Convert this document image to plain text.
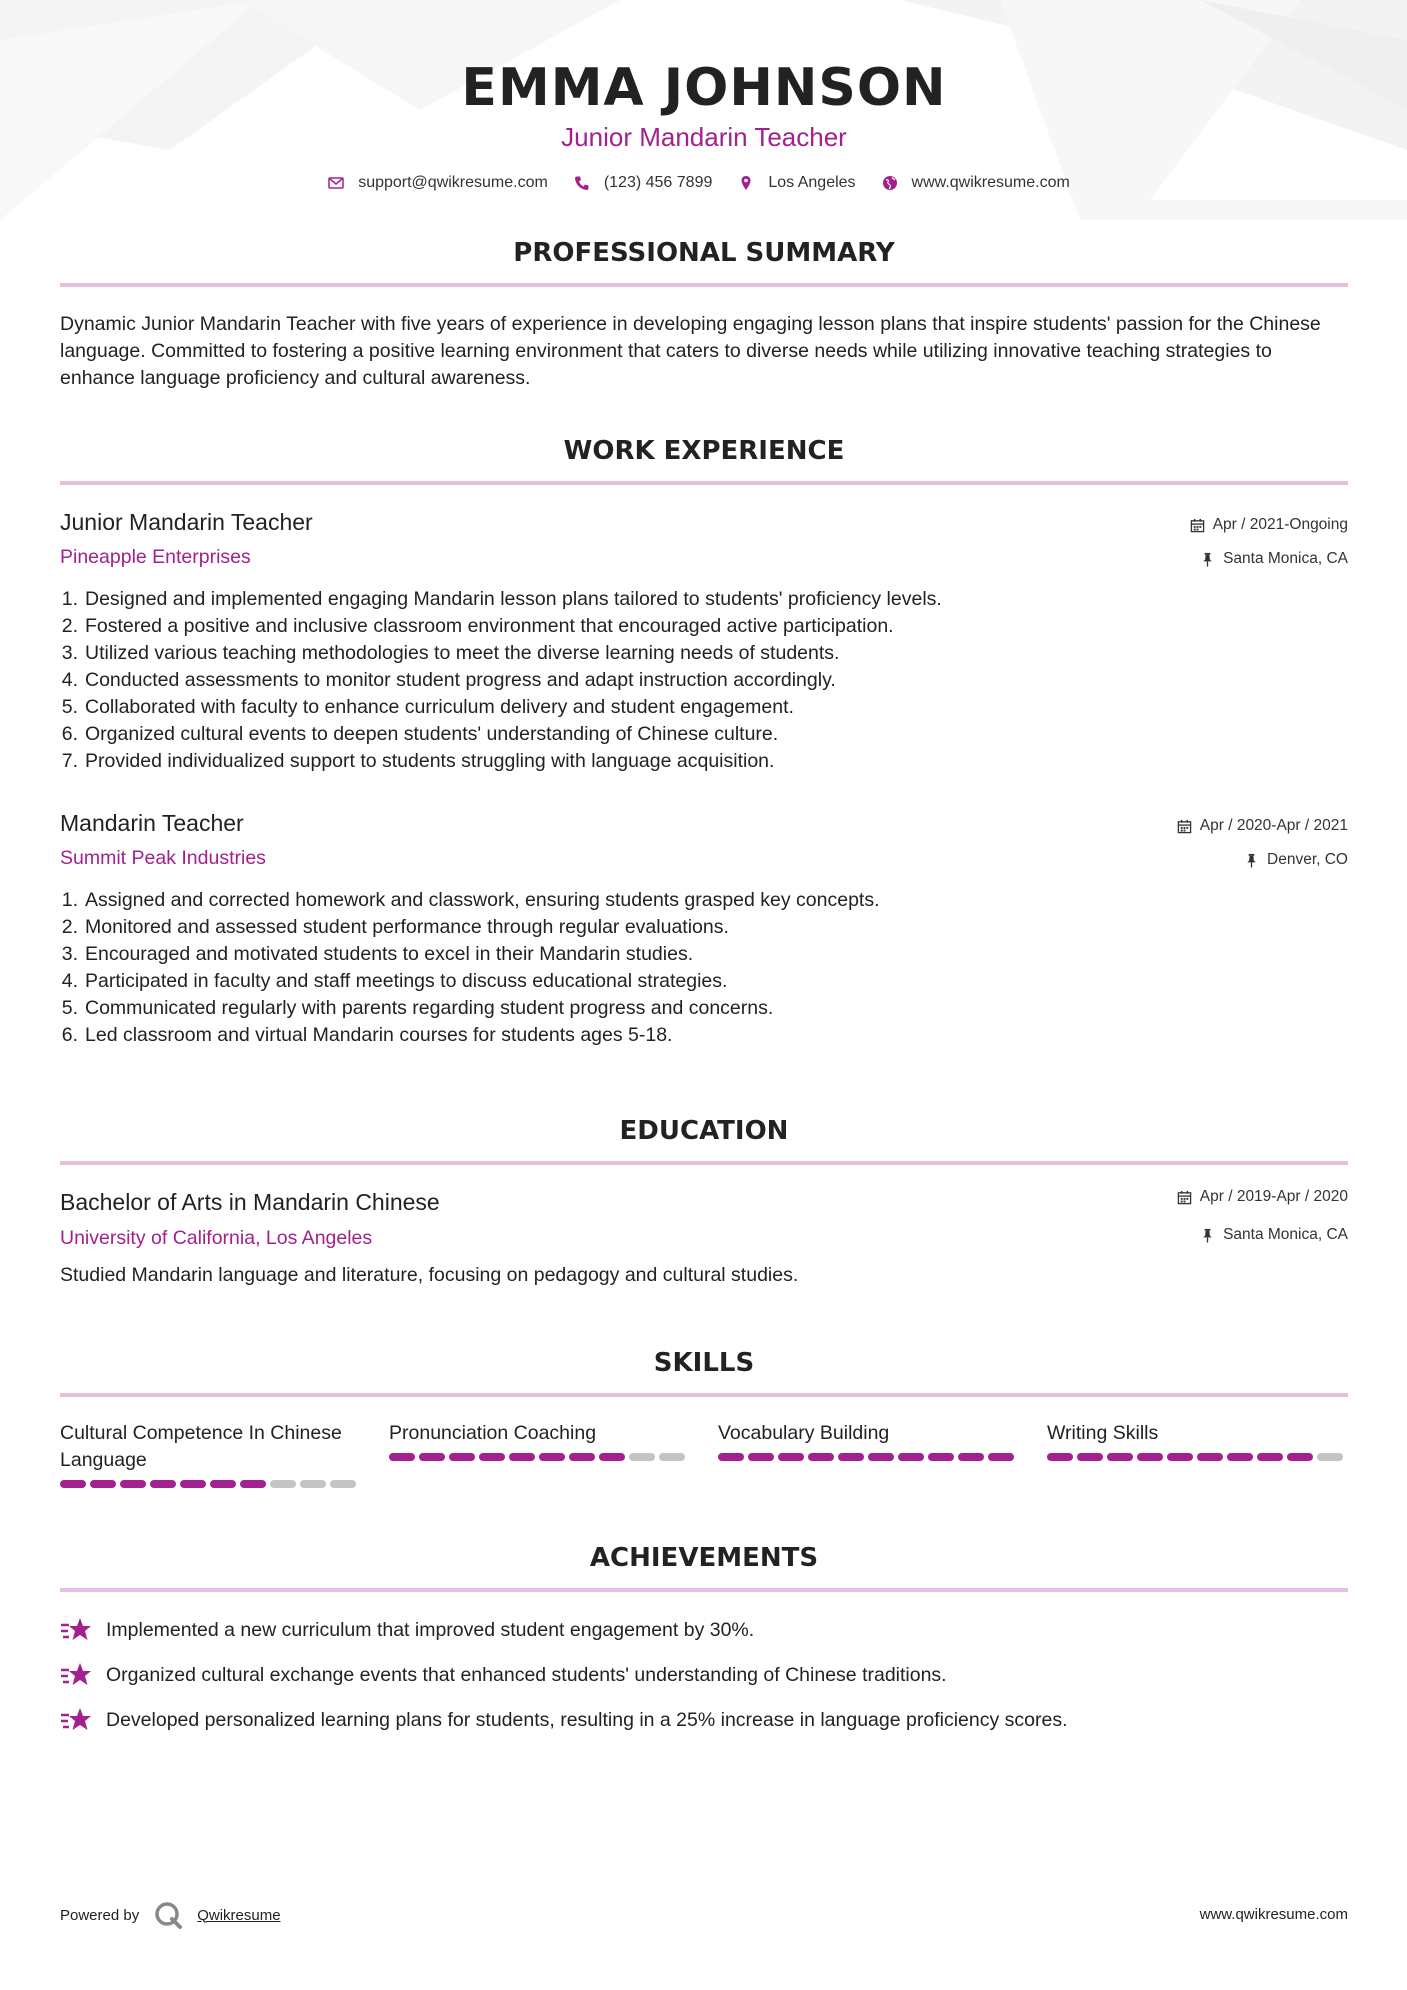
EMMA JOHNSON
Junior Mandarin Teacher
support@qwikresume.com	(123) 456 7899	Los Angeles	www.qwikresume.com
PROFESSIONAL SUMMARY
Dynamic Junior Mandarin Teacher with five years of experience in developing engaging lesson plans that inspire students' passion for the Chinese language. Committed to fostering a positive learning environment that caters to diverse needs while utilizing innovative teaching strategies to enhance language proficiency and cultural awareness.
WORK EXPERIENCE
Junior Mandarin Teacher
Pineapple Enterprises
Apr / 2021-Ongoing
Santa Monica, CA
1. Designed and implemented engaging Mandarin lesson plans tailored to students' proficiency levels.
2. Fostered a positive and inclusive classroom environment that encouraged active participation.
3. Utilized various teaching methodologies to meet the diverse learning needs of students.
4. Conducted assessments to monitor student progress and adapt instruction accordingly.
5. Collaborated with faculty to enhance curriculum delivery and student engagement.
6. Organized cultural events to deepen students' understanding of Chinese culture.
7. Provided individualized support to students struggling with language acquisition.
Mandarin Teacher
Summit Peak Industries
Apr / 2020-Apr / 2021
Denver, CO
1. Assigned and corrected homework and classwork, ensuring students grasped key concepts.
2. Monitored and assessed student performance through regular evaluations.
3. Encouraged and motivated students to excel in their Mandarin studies.
4. Participated in faculty and staff meetings to discuss educational strategies.
5. Communicated regularly with parents regarding student progress and concerns.
6. Led classroom and virtual Mandarin courses for students ages 5-18.
EDUCATION
Bachelor of Arts in Mandarin Chinese
University of California, Los Angeles
Apr / 2019-Apr / 2020
Santa Monica, CA
Studied Mandarin language and literature, focusing on pedagogy and cultural studies.
SKILLS
Cultural Competence In Chinese Language
Pronunciation Coaching	Vocabulary Building	Writing Skills
ACHIEVEMENTS
Implemented a new curriculum that improved student engagement by 30%.
Organized cultural exchange events that enhanced students' understanding of Chinese traditions.
Developed personalized learning plans for students, resulting in a 25% increase in language proficiency scores.
Powered by	Qwikresume	www.qwikresume.com
